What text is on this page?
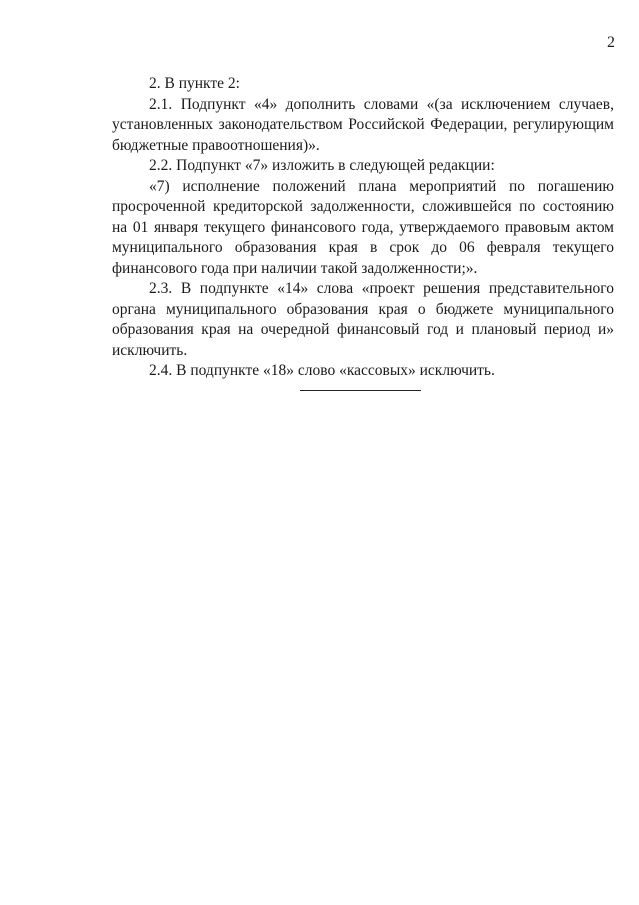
2

2. В пункте 2:

2.1. Подпункт «4» дополнить словами «(за исключением случаев, установленных законодательством Российской Федерации, регулирующим бюджетные правоотношения)».

2.2. Подпункт «7» изложить в следующей редакции:

«7) исполнение положений плана мероприятий по погашению просроченной кредиторской задолженности, сложившейся по состоянию на 01 января текущего финансового года, утверждаемого правовым актом муниципального образования края в срок до 06 февраля текущего финансового года при наличии такой задолженности;».

2.3. В подпункте «14» слова «проект решения представительного органа муниципального образования края о бюджете муниципального образования края на очередной финансовый год и плановый период и» исключить.

2.4. В подпункте «18» слово «кассовых» исключить.
